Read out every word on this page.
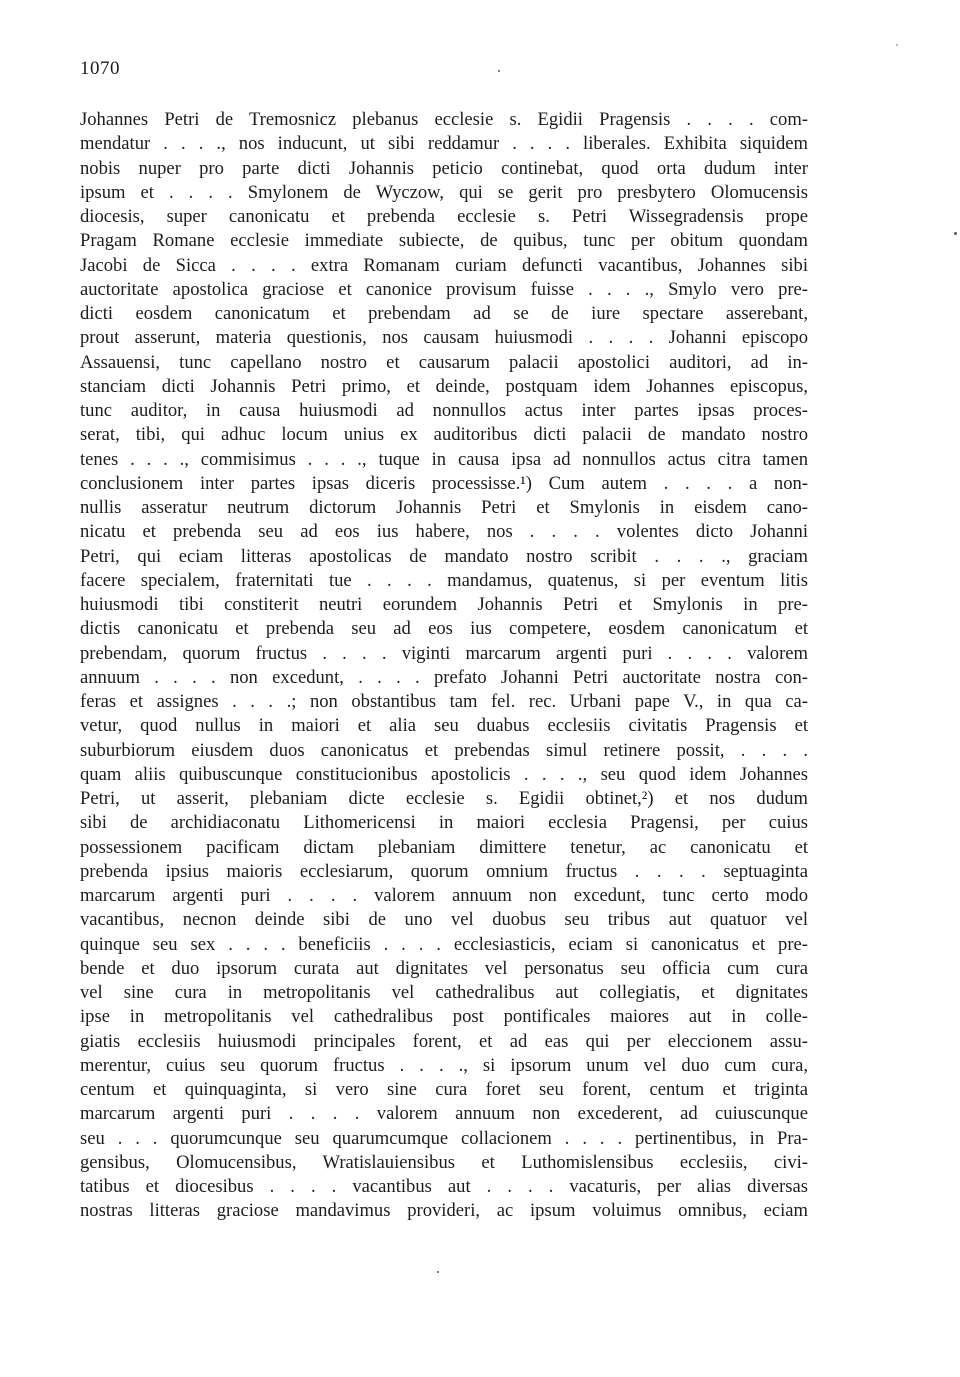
1070
Johannes Petri de Tremosnicz plebanus ecclesie s. Egidii Pragensis . . . . com-
mendatur . . . ., nos inducunt, ut sibi reddamur . . . . liberales. Exhibita siquidem
nobis nuper pro parte dicti Johannis peticio continebat, quod orta dudum inter
ipsum et . . . . Smylonem de Wyczow, qui se gerit pro presbytero Olomucensis
diocesis, super canonicatu et prebenda ecclesie s. Petri Wissegradensis prope
Pragam Romane ecclesie immediate subiecte, de quibus, tunc per obitum quondam
Jacobi de Sicca . . . . extra Romanam curiam defuncti vacantibus, Johannes sibi
auctoritate apostolica graciose et canonice provisum fuisse . . . ., Smylo vero pre-
dicti eosdem canonicatum et prebendam ad se de iure spectare asserebant,
prout asserunt, materia questionis, nos causam huiusmodi . . . . Johanni episcopo
Assauensi, tunc capellano nostro et causarum palacii apostolici auditori, ad in-
stanciam dicti Johannis Petri primo, et deinde, postquam idem Johannes episcopus,
tunc auditor, in causa huiusmodi ad nonnullos actus inter partes ipsas proces-
serat, tibi, qui adhuc locum unius ex auditoribus dicti palacii de mandato nostro
tenes . . . ., commisimus . . . ., tuque in causa ipsa ad nonnullos actus citra tamen
conclusionem inter partes ipsas diceris processisse.¹) Cum autem . . . . a non-
nullis asseratur neutrum dictorum Johannis Petri et Smylonis in eisdem cano-
nicatu et prebenda seu ad eos ius habere, nos . . . . volentes dicto Johanni
Petri, qui eciam litteras apostolicas de mandato nostro scribit . . . ., graciam
facere specialem, fraternitati tue . . . . mandamus, quatenus, si per eventum litis
huiusmodi tibi constiterit neutri eorundem Johannis Petri et Smylonis in pre-
dictis canonicatu et prebenda seu ad eos ius competere, eosdem canonicatum et
prebendam, quorum fructus . . . . viginti marcarum argenti puri . . . . valorem
annuum . . . . non excedunt, . . . . prefato Johanni Petri auctoritate nostra con-
feras et assignes . . . .; non obstantibus tam fel. rec. Urbani pape V., in qua ca-
vetur, quod nullus in maiori et alia seu duabus ecclesiis civitatis Pragensis et
suburbiorum eiusdem duos canonicatus et prebendas simul retinere possit, . . . .
quam aliis quibuscunque constitucionibus apostolicis . . . ., seu quod idem Johannes
Petri, ut asserit, plebaniam dicte ecclesie s. Egidii obtinet,²) et nos dudum
sibi de archidiaconatu Lithomericensi in maiori ecclesia Pragensi, per cuius
possessionem pacificam dictam plebaniam dimittere tenetur, ac canonicatu et
prebenda ipsius maioris ecclesiarum, quorum omnium fructus . . . . septuaginta
marcarum argenti puri . . . . valorem annuum non excedunt, tunc certo modo
vacantibus, necnon deinde sibi de uno vel duobus seu tribus aut quatuor vel
quinque seu sex . . . . beneficiis . . . . ecclesiasticis, eciam si canonicatus et pre-
bende et duo ipsorum curata aut dignitates vel personatus seu officia cum cura
vel sine cura in metropolitanis vel cathedralibus aut collegiatis, et dignitates
ipse in metropolitanis vel cathedralibus post pontificales maiores aut in colle-
giatis ecclesiis huiusmodi principales forent, et ad eas qui per eleccionem assu-
merentur, cuius seu quorum fructus . . . ., si ipsorum unum vel duo cum cura,
centum et quinquaginta, si vero sine cura foret seu forent, centum et triginta
marcarum argenti puri . . . . valorem annuum non excederent, ad cuiuscunque
seu . . . quorumcunque seu quarumcumque collacionem . . . . pertinentibus, in Pra-
gensibus, Olomucensibus, Wratislauiensibus et Luthomislensibus ecclesiis, civi-
tatibus et diocesibus . . . . vacantibus aut . . . . vacaturis, per alias diversas
nostras litteras graciose mandavimus provideri, ac ipsum voluimus omnibus, eciam
